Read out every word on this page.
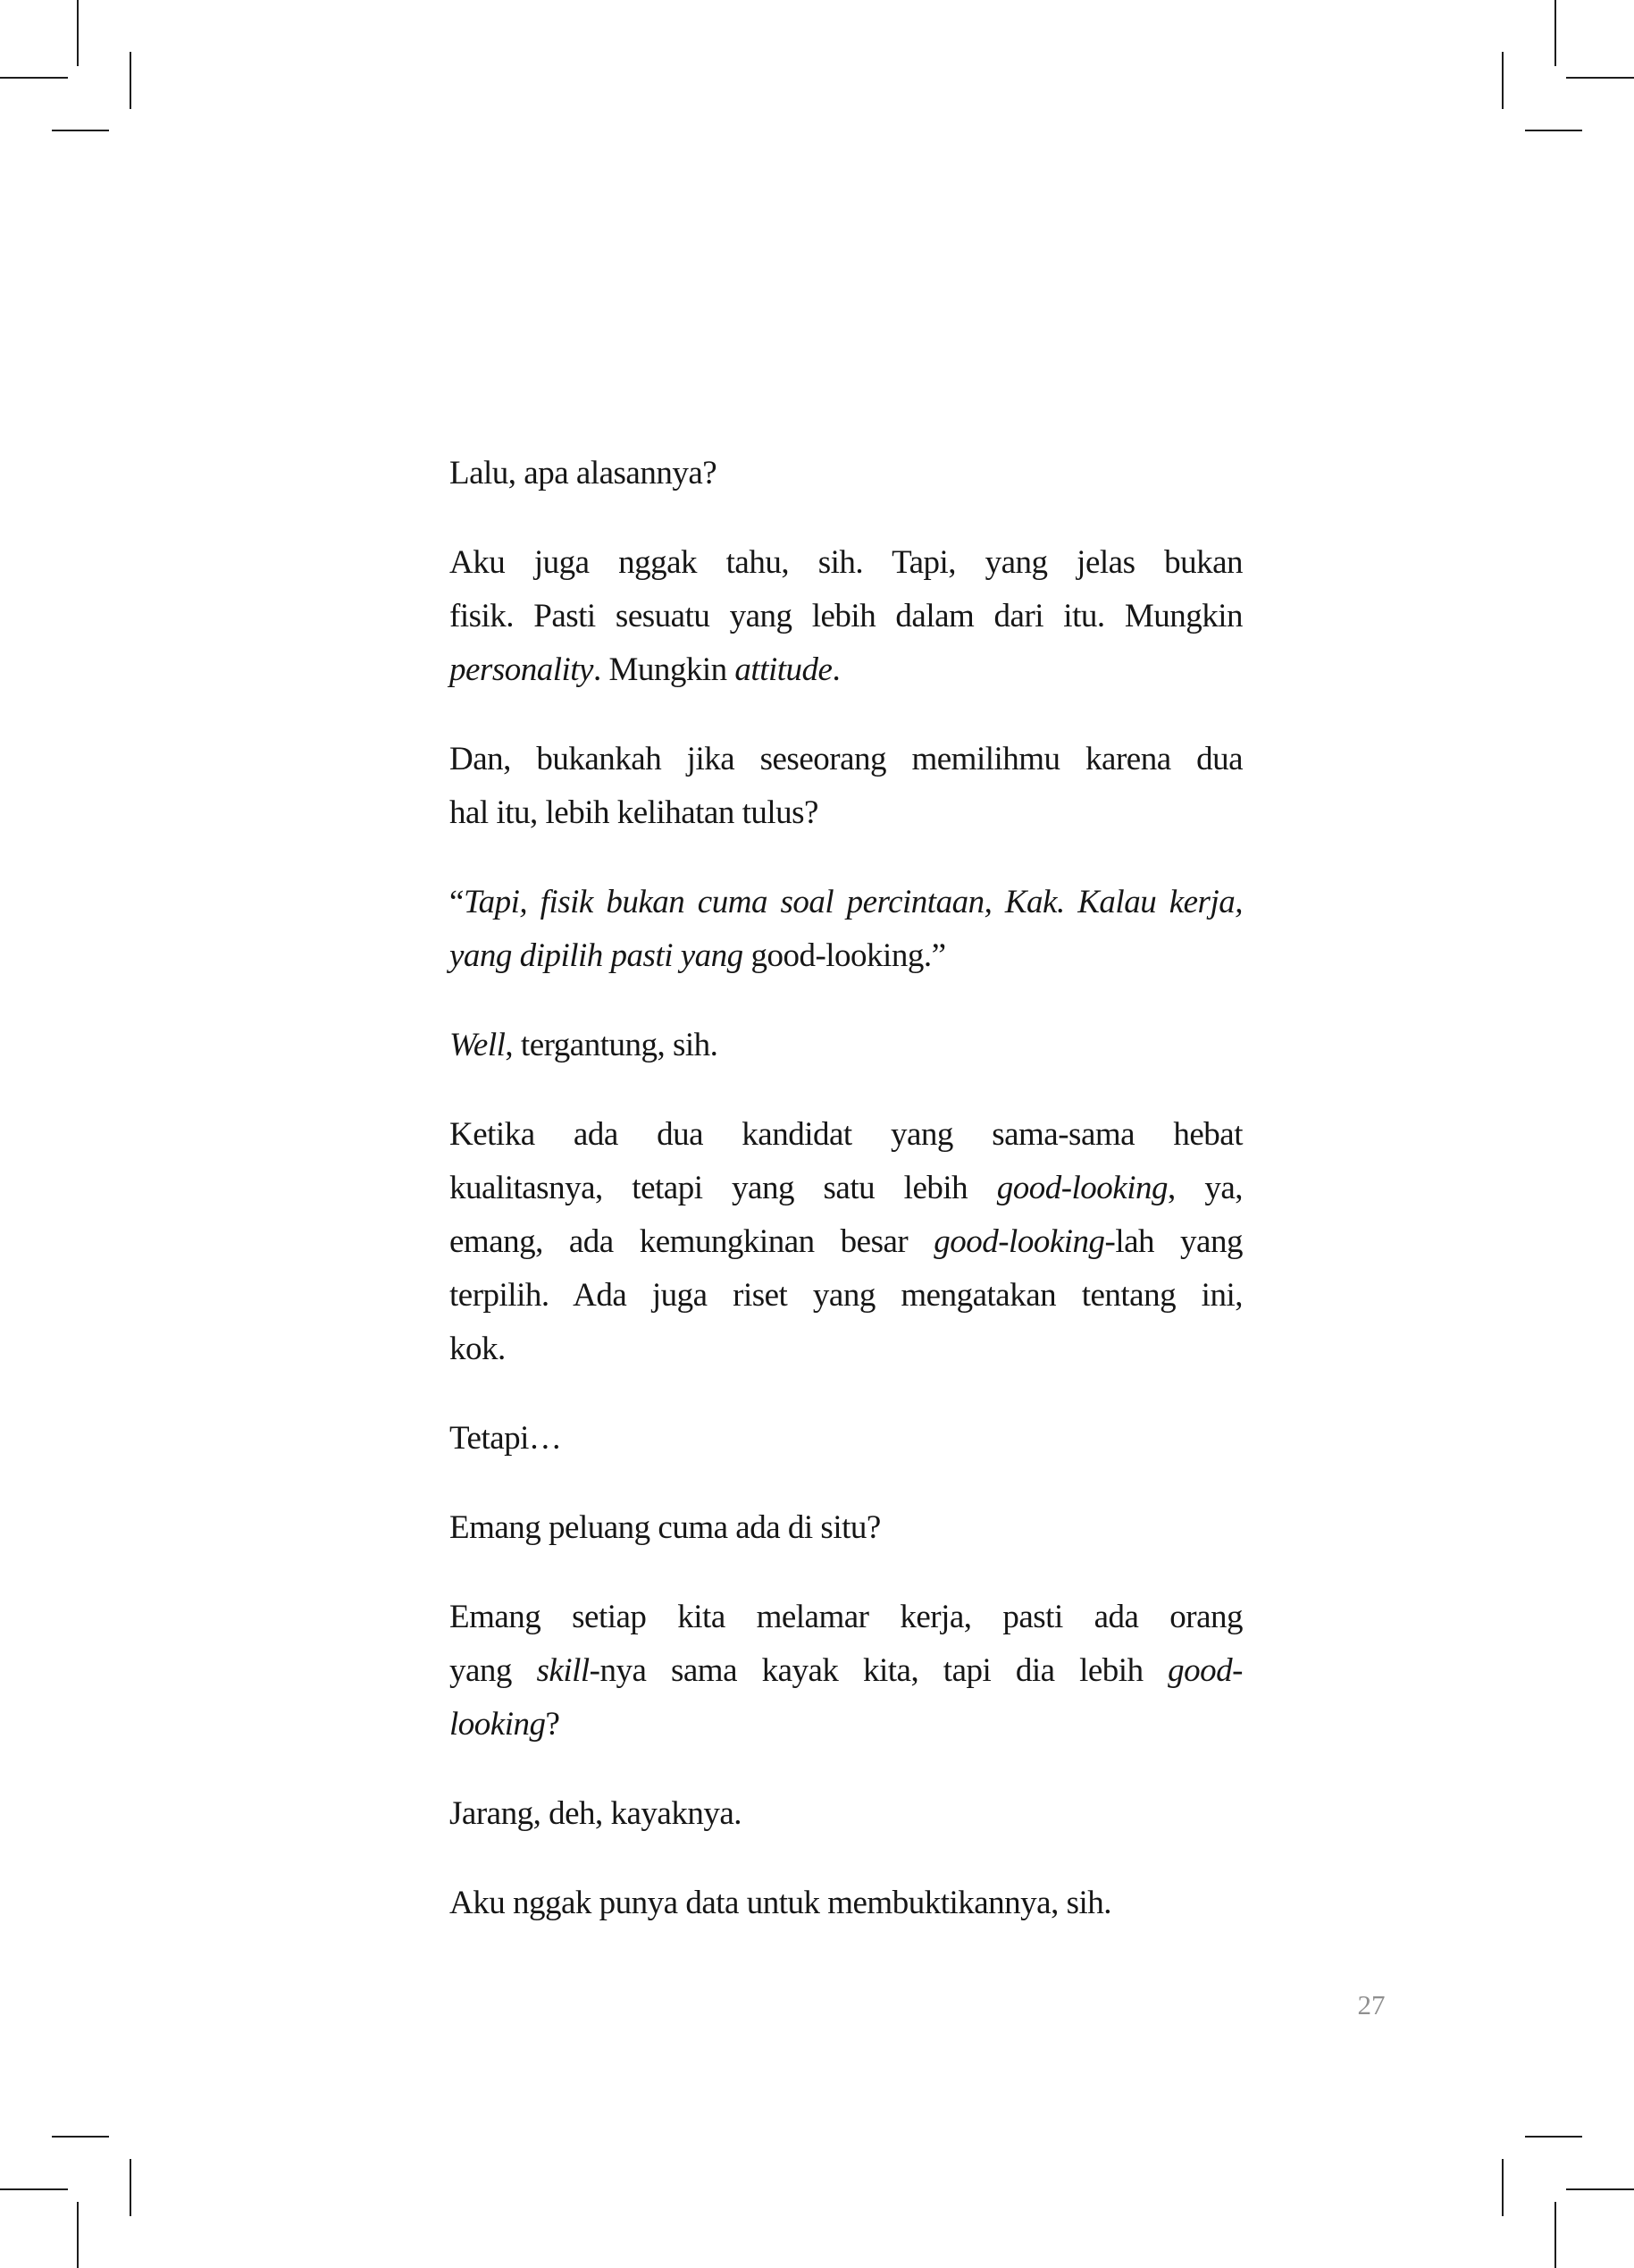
Lalu, apa alasannya?

Aku juga nggak tahu, sih. Tapi, yang jelas bukan
fisik. Pasti sesuatu yang lebih dalam dari itu. Mungkin
personality. Mungkin attitude.

Dan, bukankah jika seseorang memilihmu karena dua
hal itu, lebih kelihatan tulus?

“Tapi, fisik bukan cuma soal percintaan, Kak. Kalau kerja,
yang dipilih pasti yang good-looking.”

Well, tergantung, sih.

Ketika ada dua kandidat yang sama-sama hebat
kualitasnya, tetapi yang satu lebih good-looking, ya,
emang, ada kemungkinan besar good-looking-lah yang
terpilih. Ada juga riset yang mengatakan tentang ini,
kok.

Tetapi…

Emang peluang cuma ada di situ?

Emang setiap kita melamar kerja, pasti ada orang
yang skill-nya sama kayak kita, tapi dia lebih good-
looking?

Jarang, deh, kayaknya.

Aku nggak punya data untuk membuktikannya, sih.

27
